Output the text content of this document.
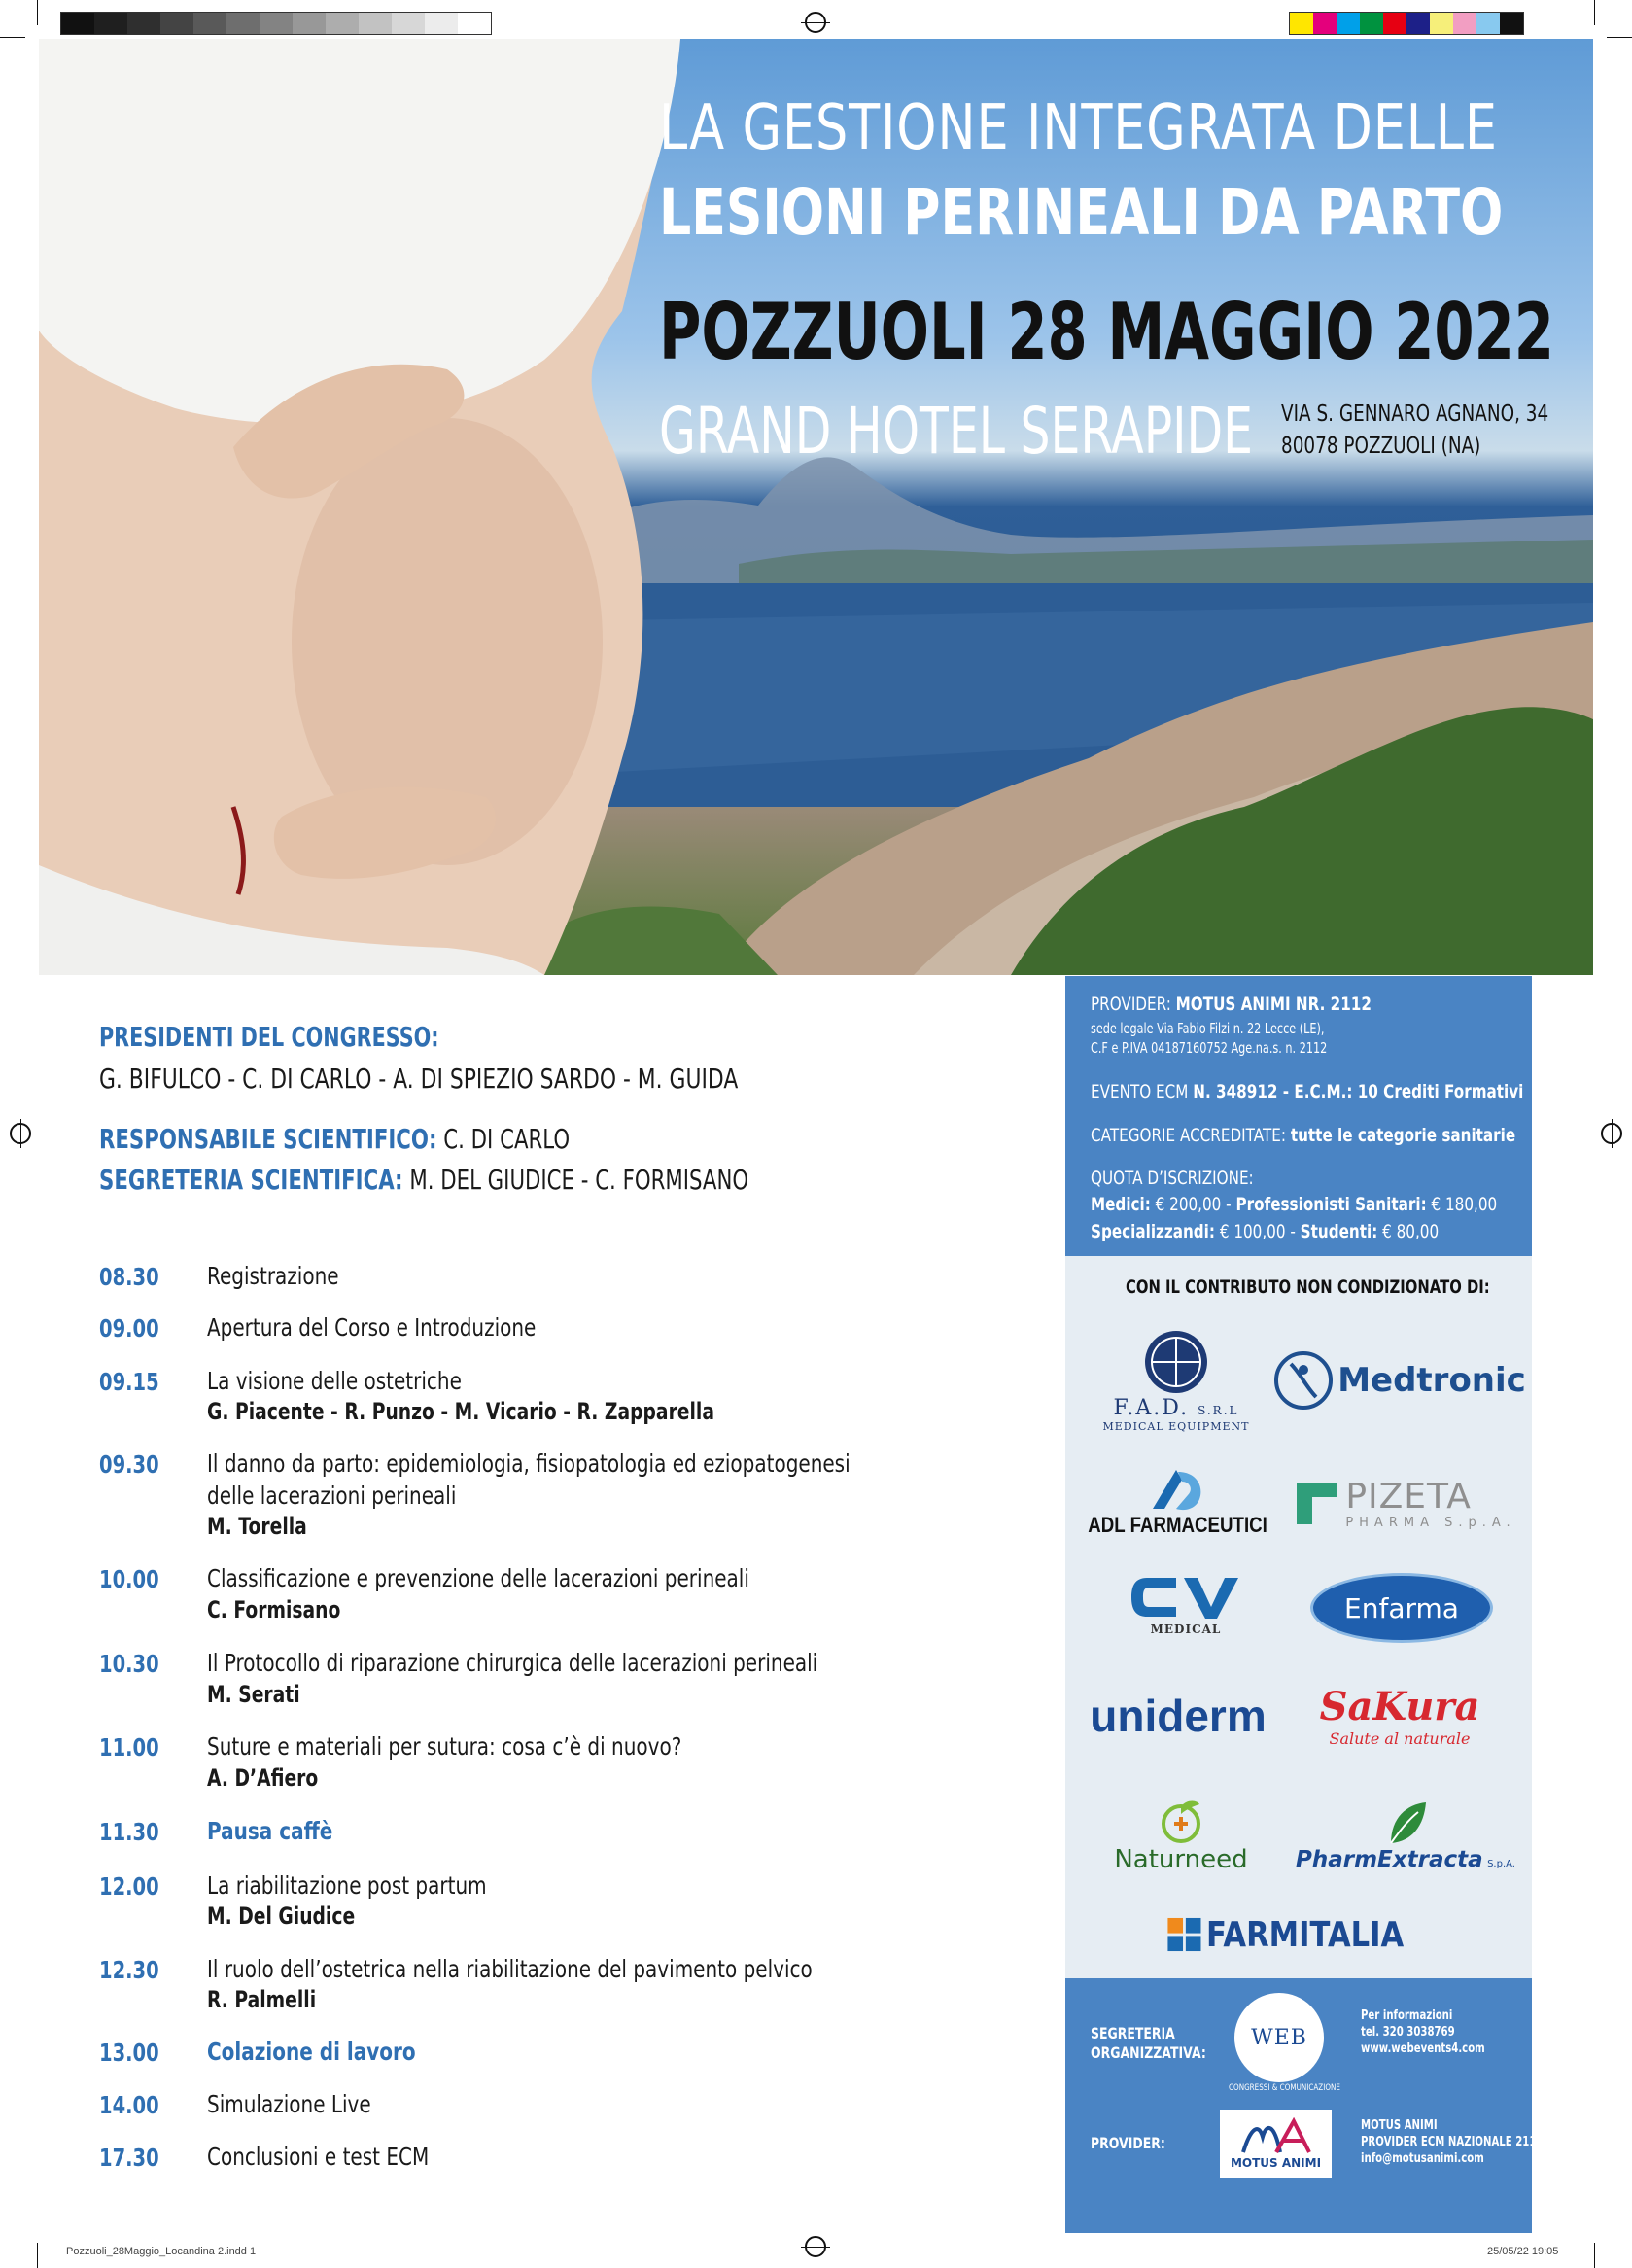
LA GESTIONE INTEGRATA DELLE
LESIONI PERINEALI DA PARTO
POZZUOLI 28 MAGGIO 2022
GRAND HOTEL SERAPIDE VIA S. GENNARO AGNANO, 34
80078 POZZUOLI (NA)
PRESIDENTI DEL CONGRESSO:
G. BIFULCO - C. DI CARLO - A. DI SPIEZIO SARDO - M. GUIDA
RESPONSABILE SCIENTIFICO: C. DI CARLO
SEGRETERIA SCIENTIFICA: M. DEL GIUDICE - C. FORMISANO
08.30 Registrazione
09.00 Apertura del Corso e Introduzione
09.15 La visione delle ostetriche
G. Piacente - R. Punzo - M. Vicario - R. Zapparella
09.30 Il danno da parto: epidemiologia, fisiopatologia ed eziopatogenesi
delle lacerazioni perineali
M. Torella
10.00 Classificazione e prevenzione delle lacerazioni perineali
C. Formisano
10.30 Il Protocollo di riparazione chirurgica delle lacerazioni perineali
M. Serati
11.00 Suture e materiali per sutura: cosa c’è di nuovo?
A. D’Afiero
11.30 Pausa caffè
12.00 La riabilitazione post partum
M. Del Giudice
12.30 Il ruolo dell’ostetrica nella riabilitazione del pavimento pelvico
R. Palmelli
13.00 Colazione di lavoro
14.00 Simulazione Live
17.30 Conclusioni e test ECM
PROVIDER: MOTUS ANIMI NR. 2112
sede legale Via Fabio Filzi n. 22 Lecce (LE),
C.F e P.IVA 04187160752 Age.na.s. n. 2112
EVENTO ECM N. 348912 - E.C.M.: 10 Crediti Formativi
CATEGORIE ACCREDITATE: tutte le categorie sanitarie
QUOTA D’ISCRIZIONE:
Medici: € 200,00 - Professionisti Sanitari: € 180,00
Specializzandi: € 100,00 - Studenti: € 80,00
CON IL CONTRIBUTO NON CONDIZIONATO DI:
F.A.D. S.R.L
MEDICAL EQUIPMENT
Medtronic
ADL FARMACEUTICI
PIZETA
PHARMA S.p.A.
MEDICAL
Enfarma
uniderm SaKura
Salute al naturale
Naturneed PharmExtracta S.p.A.
FARMITALIA
SEGRETERIA
ORGANIZZATIVA:
WEB
CONGRESSI & COMUNICAZIONE
Per informazioni
tel. 320 3038769
www.webevents4.com
PROVIDER:
MOTUS ANIMI
MOTUS ANIMI
PROVIDER ECM NAZIONALE 2112
info@motusanimi.com
Pozzuoli_28Maggio_Locandina 2.indd 1	25/05/22 19:05
